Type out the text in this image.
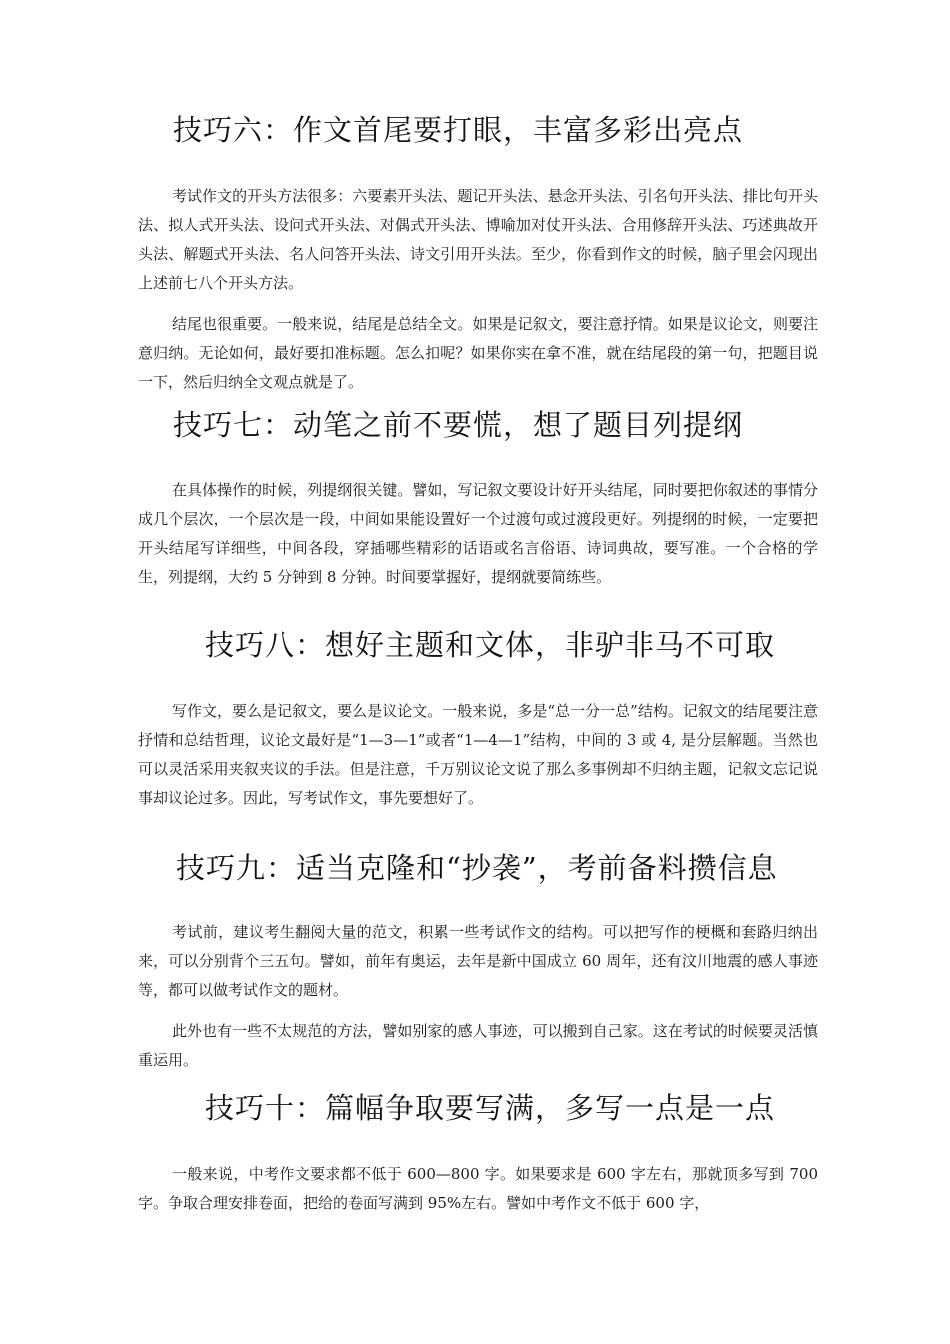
技巧六：作文首尾要打眼，丰富多彩出亮点

考试作文的开头方法很多：六要素开头法、题记开头法、悬念开头法、引名句开头法、排比句开头法、拟人式开头法、设问式开头法、对偶式开头法、博喻加对仗开头法、合用修辞开头法、巧述典故开头法、解题式开头法、名人问答开头法、诗文引用开头法。至少，你看到作文的时候，脑子里会闪现出上述前七八个开头方法。

结尾也很重要。一般来说，结尾是总结全文。如果是记叙文，要注意抒情。如果是议论文，则要注意归纳。无论如何，最好要扣准标题。怎么扣呢？如果你实在拿不准，就在结尾段的第一句，把题目说一下，然后归纳全文观点就是了。

技巧七：动笔之前不要慌，想了题目列提纲

在具体操作的时候，列提纲很关键。譬如，写记叙文要设计好开头结尾，同时要把你叙述的事情分成几个层次，一个层次是一段，中间如果能设置好一个过渡句或过渡段更好。列提纲的时候，一定要把开头结尾写详细些，中间各段，穿插哪些精彩的话语或名言俗语、诗词典故，要写准。一个合格的学生，列提纲，大约 5 分钟到 8 分钟。时间要掌握好，提纲就要简练些。

技巧八：想好主题和文体，非驴非马不可取

写作文，要么是记叙文，要么是议论文。一般来说，多是“总一分一总”结构。记叙文的结尾要注意抒情和总结哲理，议论文最好是“1—3—1”或者“1—4—1”结构，中间的 3 或 4, 是分层解题。当然也可以灵活采用夹叙夹议的手法。但是注意，千万别议论文说了那么多事例却不归纳主题，记叙文忘记说事却议论过多。因此，写考试作文，事先要想好了。

技巧九：适当克隆和“抄袭”，考前备料攒信息

考试前，建议考生翻阅大量的范文，积累一些考试作文的结构。可以把写作的梗概和套路归纳出来，可以分别背个三五句。譬如，前年有奥运，去年是新中国成立 60 周年，还有汶川地震的感人事迹等，都可以做考试作文的题材。

此外也有一些不太规范的方法，譬如别家的感人事迹，可以搬到自己家。这在考试的时候要灵活慎重运用。

技巧十：篇幅争取要写满，多写一点是一点

一般来说，中考作文要求都不低于 600—800 字。如果要求是 600 字左右，那就顶多写到 700 字。争取合理安排卷面，把给的卷面写满到 95%左右。譬如中考作文不低于 600 字，
